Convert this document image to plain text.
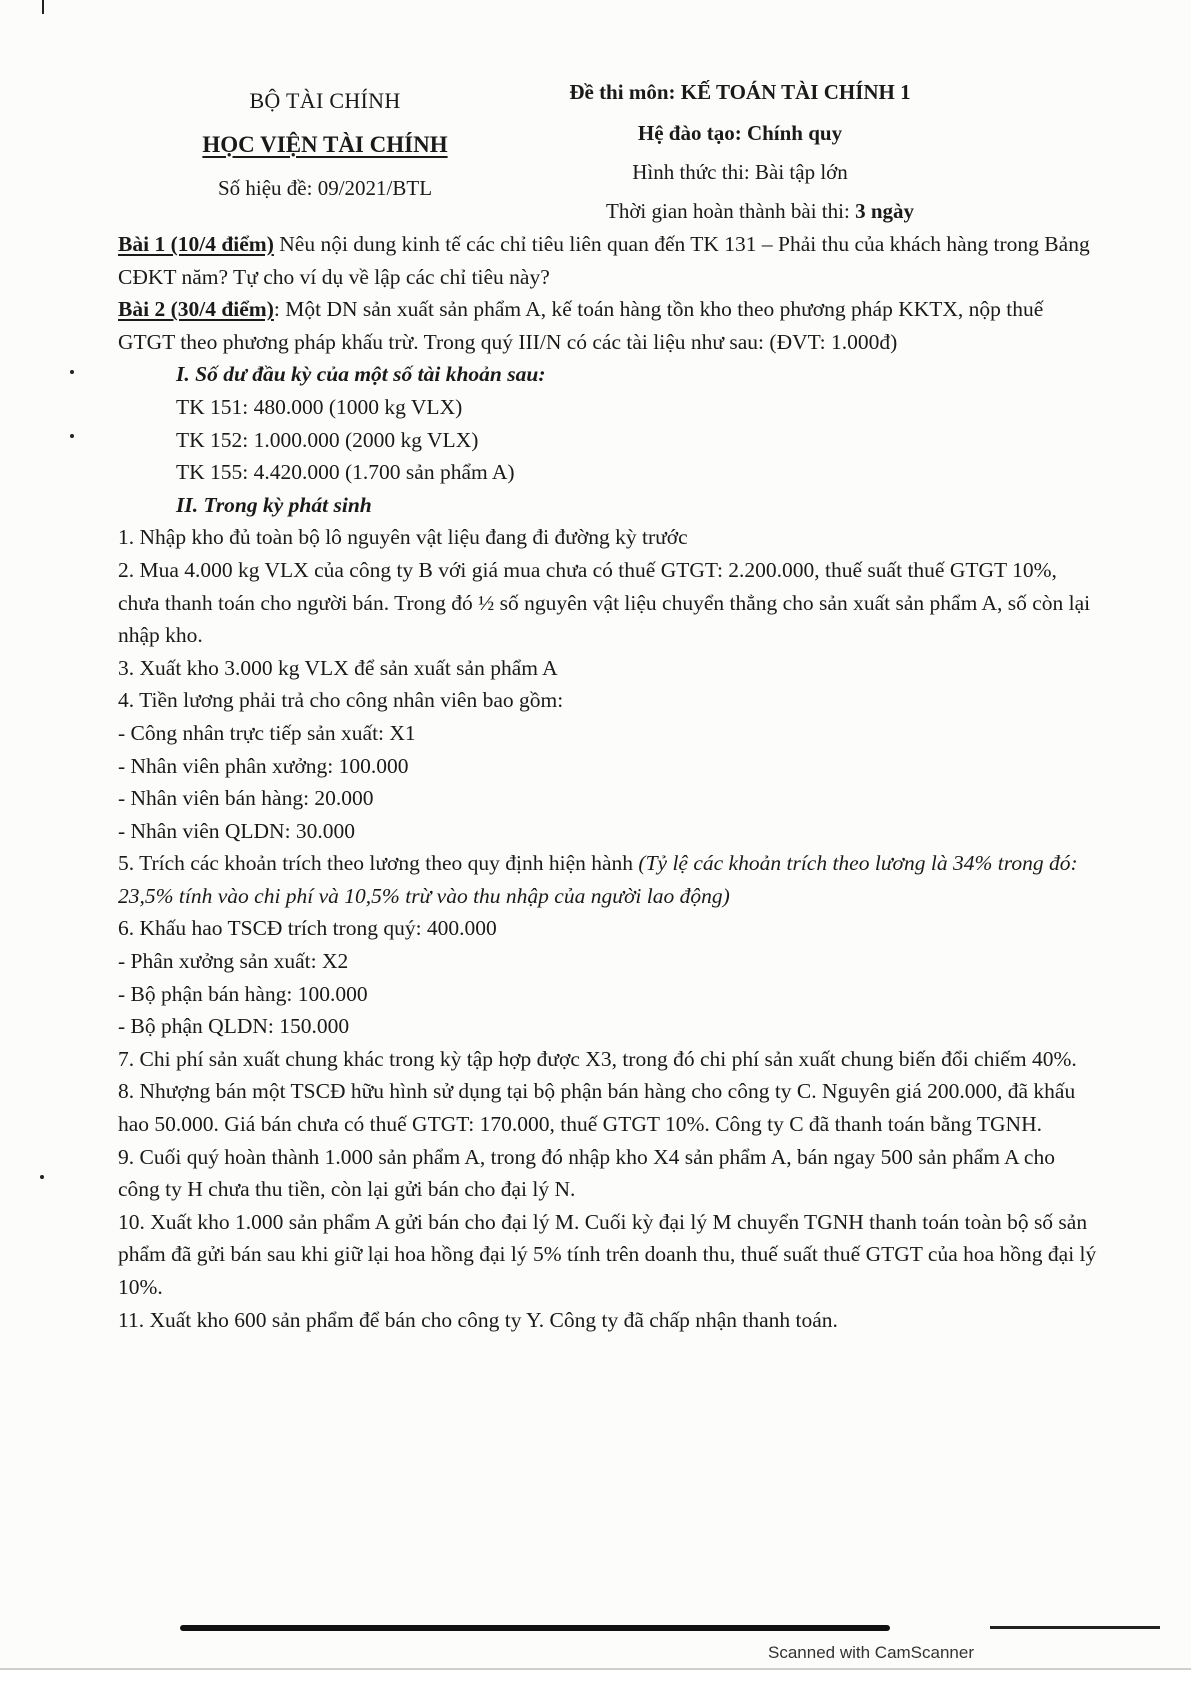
BỘ TÀI CHÍNH

HỌC VIỆN TÀI CHÍNH

Số hiệu đề: 09/2021/BTL

Đề thi môn: KẾ TOÁN TÀI CHÍNH 1

Hệ đào tạo: Chính quy

Hình thức thi: Bài tập lớn

Thời gian hoàn thành bài thi: 3 ngày

Bài 1 (10/4 điểm) Nêu nội dung kinh tế các chỉ tiêu liên quan đến TK 131 – Phải thu của khách hàng trong Bảng CĐKT năm? Tự cho ví dụ về lập các chỉ tiêu này?

Bài 2 (30/4 điểm): Một DN sản xuất sản phẩm A, kế toán hàng tồn kho theo phương pháp KKTX, nộp thuế GTGT theo phương pháp khấu trừ. Trong quý III/N có các tài liệu như sau: (ĐVT: 1.000đ)

I. Số dư đầu kỳ của một số tài khoản sau:

TK 151: 480.000 (1000 kg VLX)

TK 152: 1.000.000 (2000 kg VLX)

TK 155: 4.420.000 (1.700 sản phẩm A)

II. Trong kỳ phát sinh

1. Nhập kho đủ toàn bộ lô nguyên vật liệu đang đi đường kỳ trước

2. Mua 4.000 kg VLX của công ty B với giá mua chưa có thuế GTGT: 2.200.000, thuế suất thuế GTGT 10%, chưa thanh toán cho người bán. Trong đó ½ số nguyên vật liệu chuyển thẳng cho sản xuất sản phẩm A, số còn lại nhập kho.

3. Xuất kho 3.000 kg VLX để sản xuất sản phẩm A

4. Tiền lương phải trả cho công nhân viên bao gồm:

- Công nhân trực tiếp sản xuất: X1

- Nhân viên phân xưởng: 100.000

- Nhân viên bán hàng: 20.000

- Nhân viên QLDN: 30.000

5. Trích các khoản trích theo lương theo quy định hiện hành (Tỷ lệ các khoản trích theo lương là 34% trong đó: 23,5% tính vào chi phí và 10,5% trừ vào thu nhập của người lao động)

6. Khấu hao TSCĐ trích trong quý: 400.000

- Phân xưởng sản xuất: X2

- Bộ phận bán hàng: 100.000

- Bộ phận QLDN: 150.000

7. Chi phí sản xuất chung khác trong kỳ tập hợp được X3, trong đó chi phí sản xuất chung biến đổi chiếm 40%.

8. Nhượng bán một TSCĐ hữu hình sử dụng tại bộ phận bán hàng cho công ty C. Nguyên giá 200.000, đã khấu hao 50.000. Giá bán chưa có thuế GTGT: 170.000, thuế GTGT 10%. Công ty C đã thanh toán bằng TGNH.

9. Cuối quý hoàn thành 1.000 sản phẩm A, trong đó nhập kho X4 sản phẩm A, bán ngay 500 sản phẩm A cho công ty H chưa thu tiền, còn lại gửi bán cho đại lý N.

10. Xuất kho 1.000 sản phẩm A gửi bán cho đại lý M. Cuối kỳ đại lý M chuyển TGNH thanh toán toàn bộ số sản phẩm đã gửi bán sau khi giữ lại hoa hồng đại lý 5% tính trên doanh thu, thuế suất thuế GTGT của hoa hồng đại lý 10%.

11. Xuất kho 600 sản phẩm để bán cho công ty Y. Công ty đã chấp nhận thanh toán.

Scanned with CamScanner
